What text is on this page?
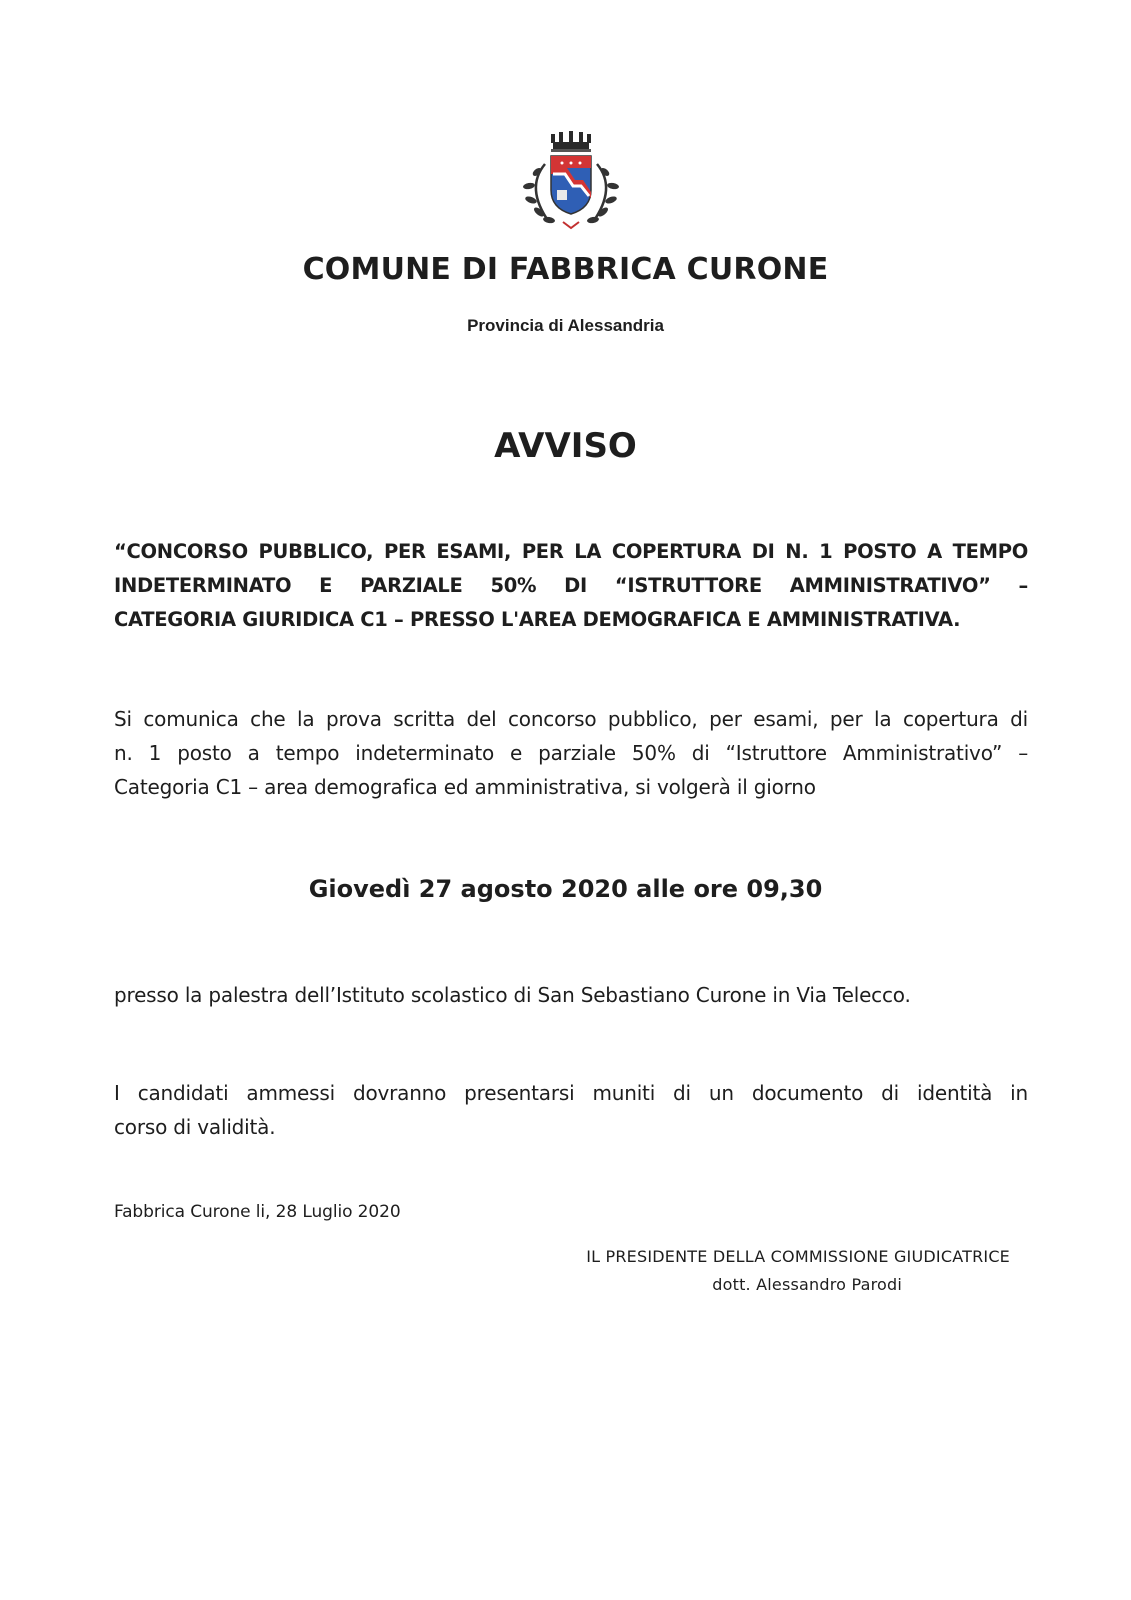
COMUNE DI FABBRICA CURONE
Provincia di Alessandria
AVVISO
“CONCORSO PUBBLICO, PER ESAMI, PER LA COPERTURA DI N. 1 POSTO A TEMPO
INDETERMINATO E PARZIALE 50% DI “ISTRUTTORE AMMINISTRATIVO” –
CATEGORIA GIURIDICA C1 – PRESSO L'AREA DEMOGRAFICA E AMMINISTRATIVA.
Si comunica che la prova scritta del concorso pubblico, per esami, per la copertura di
n. 1 posto a tempo indeterminato e parziale 50% di “Istruttore Amministrativo” –
Categoria C1 – area demografica ed amministrativa, si volgerà il giorno
Giovedì 27 agosto 2020 alle ore 09,30
presso la palestra dell’Istituto scolastico di San Sebastiano Curone in Via Telecco.
I candidati ammessi dovranno presentarsi muniti di un documento di identità in
corso di validità.
Fabbrica Curone li, 28 Luglio 2020
IL PRESIDENTE DELLA COMMISSIONE GIUDICATRICE
dott. Alessandro Parodi
